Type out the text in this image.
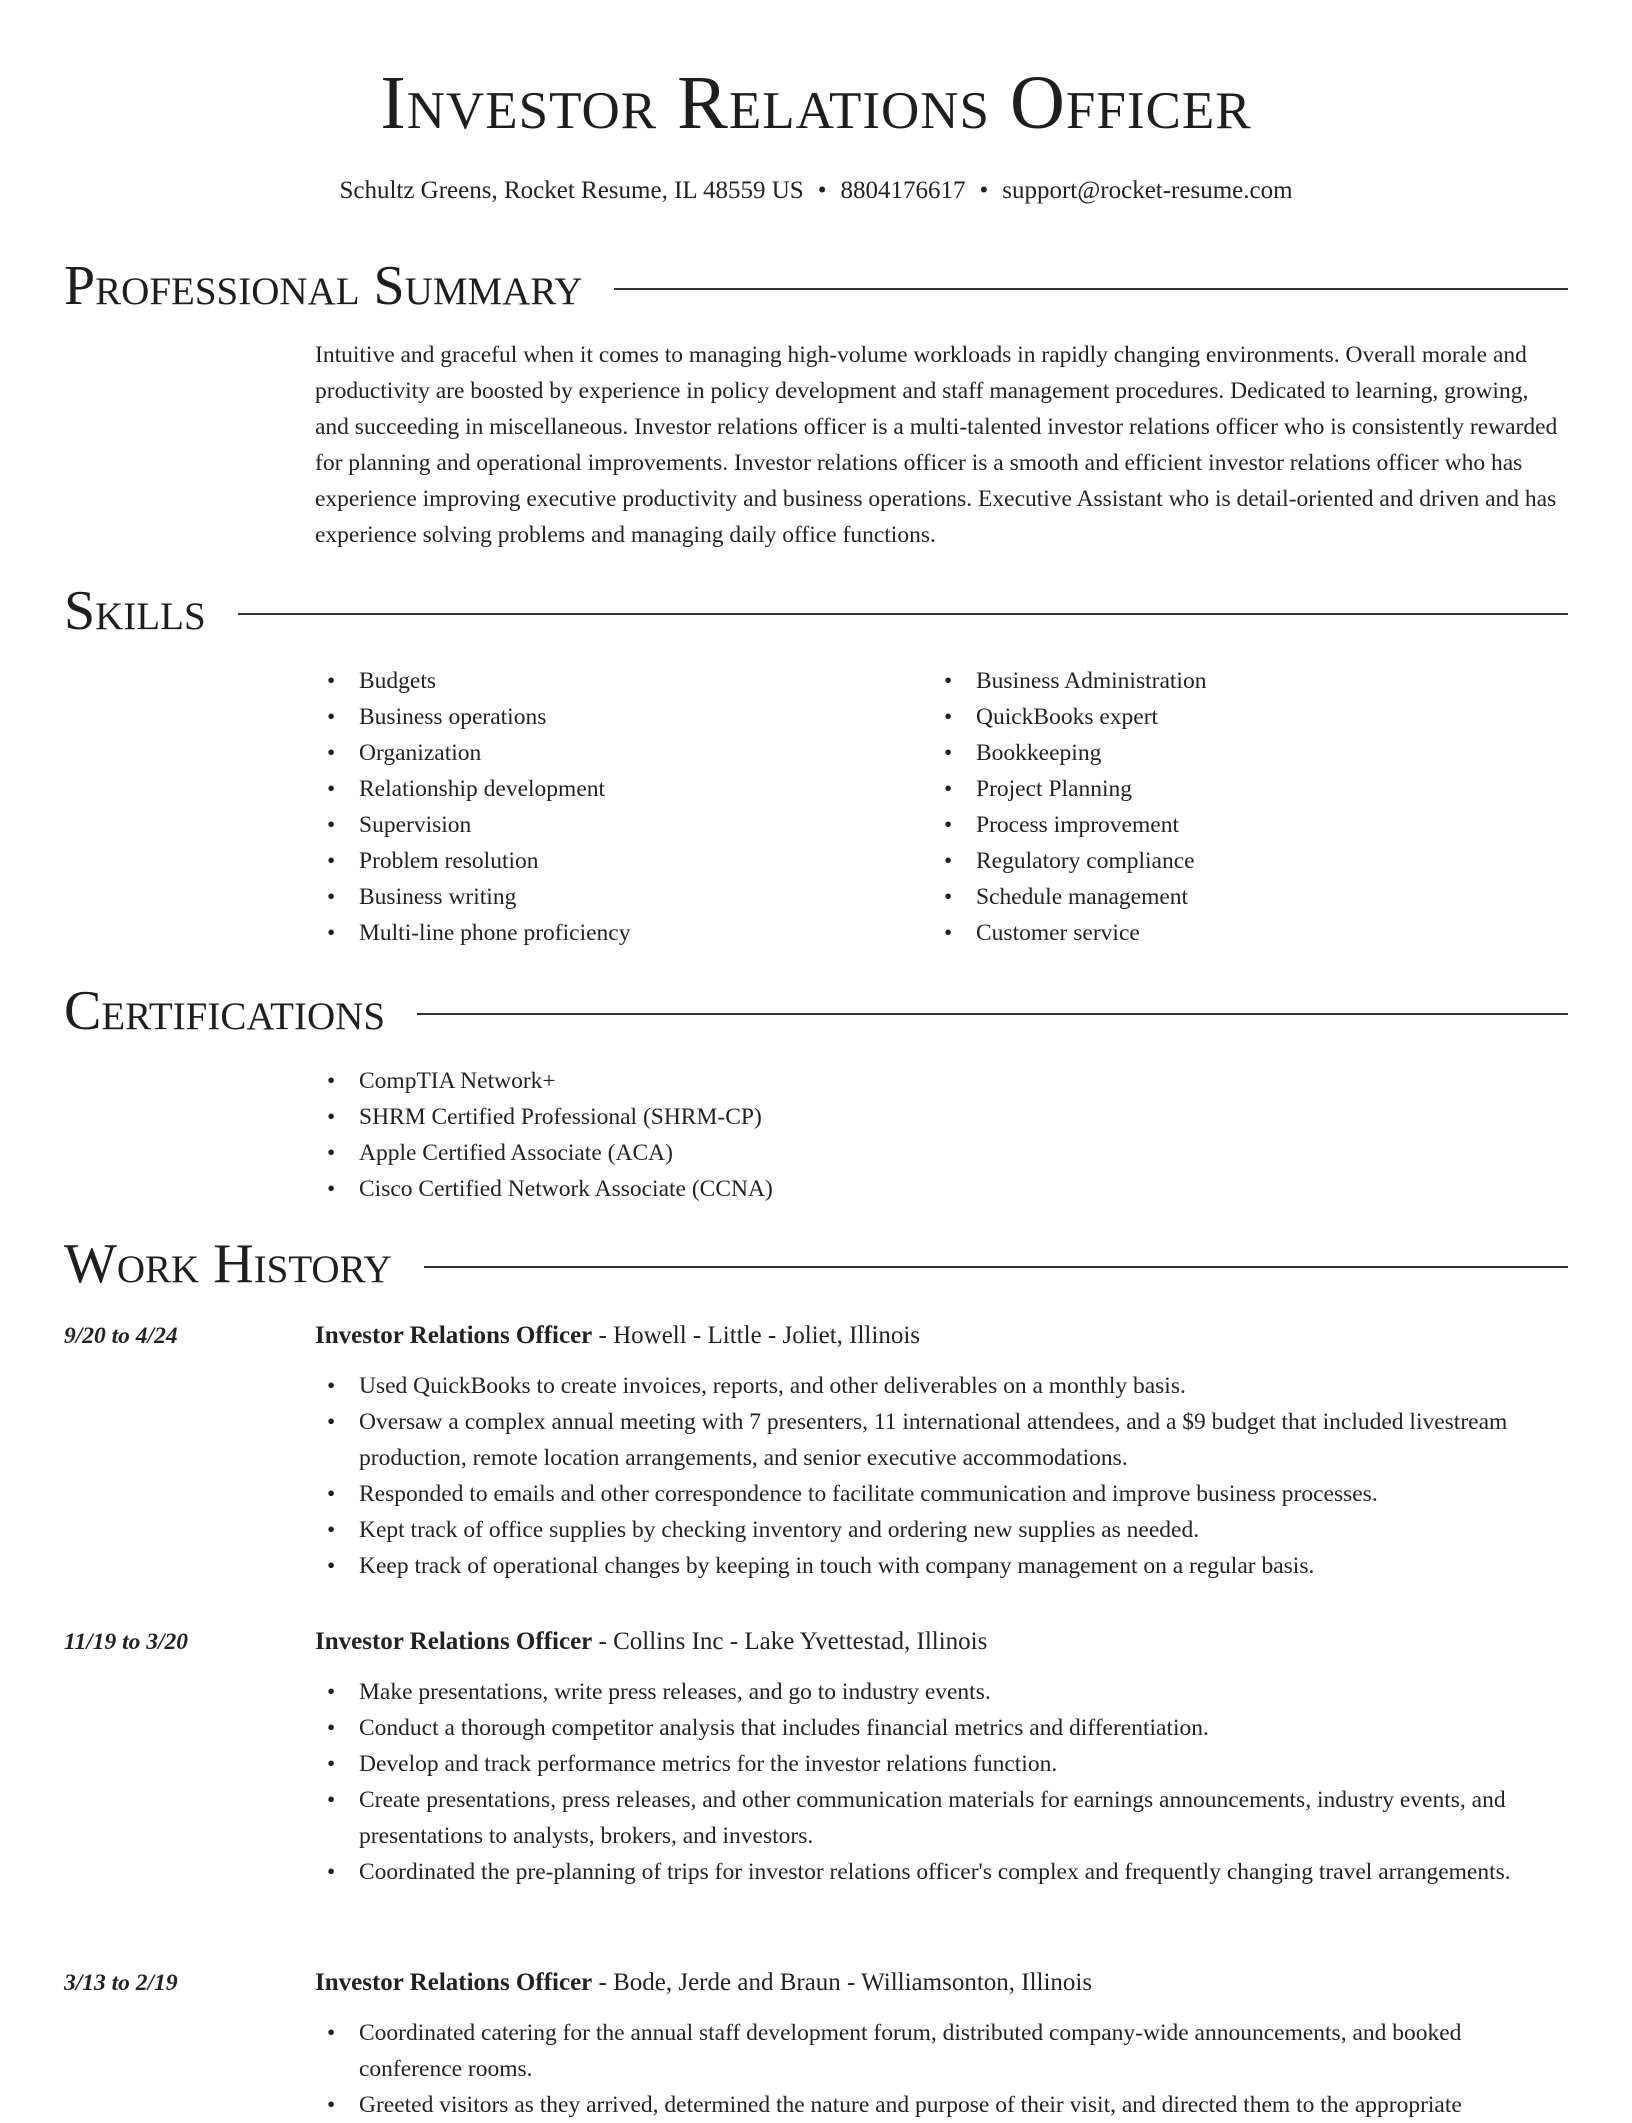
Investor Relations Officer
Schultz Greens, Rocket Resume, IL 48559 US • 8804176617 • support@rocket-resume.com
Professional Summary

Intuitive and graceful when it comes to managing high-volume workloads in rapidly changing environments. Overall morale and productivity are boosted by experience in policy development and staff management procedures. Dedicated to learning, growing, and succeeding in miscellaneous. Investor relations officer is a multi-talented investor relations officer who is consistently rewarded for planning and operational improvements. Investor relations officer is a smooth and efficient investor relations officer who has experience improving executive productivity and business operations. Executive Assistant who is detail-oriented and driven and has experience solving problems and managing daily office functions.

Skills
• Budgets
• Business operations
• Organization
• Relationship development
• Supervision
• Problem resolution
• Business writing
• Multi-line phone proficiency
• Business Administration
• QuickBooks expert
• Bookkeeping
• Project Planning
• Process improvement
• Regulatory compliance
• Schedule management
• Customer service
Certifications
• CompTIA Network+
• SHRM Certified Professional (SHRM-CP)
• Apple Certified Associate (ACA)
• Cisco Certified Network Associate (CCNA)
Work History
9/20 to 4/24	Investor Relations Officer - Howell - Little - Joliet, Illinois
• Used QuickBooks to create invoices, reports, and other deliverables on a monthly basis.
• Oversaw a complex annual meeting with 7 presenters, 11 international attendees, and a $9 budget that included livestream production, remote location arrangements, and senior executive accommodations.
• Responded to emails and other correspondence to facilitate communication and improve business processes.
• Kept track of office supplies by checking inventory and ordering new supplies as needed.
• Keep track of operational changes by keeping in touch with company management on a regular basis.
11/19 to 3/20	Investor Relations Officer - Collins Inc - Lake Yvettestad, Illinois
• Make presentations, write press releases, and go to industry events.
• Conduct a thorough competitor analysis that includes financial metrics and differentiation.
• Develop and track performance metrics for the investor relations function.
• Create presentations, press releases, and other communication materials for earnings announcements, industry events, and presentations to analysts, brokers, and investors.
• Coordinated the pre-planning of trips for investor relations officer's complex and frequently changing travel arrangements.
3/13 to 2/19	Investor Relations Officer - Bode, Jerde and Braun - Williamsonton, Illinois
• Coordinated catering for the annual staff development forum, distributed company-wide announcements, and booked conference rooms.
• Greeted visitors as they arrived, determined the nature and purpose of their visit, and directed them to the appropriate
